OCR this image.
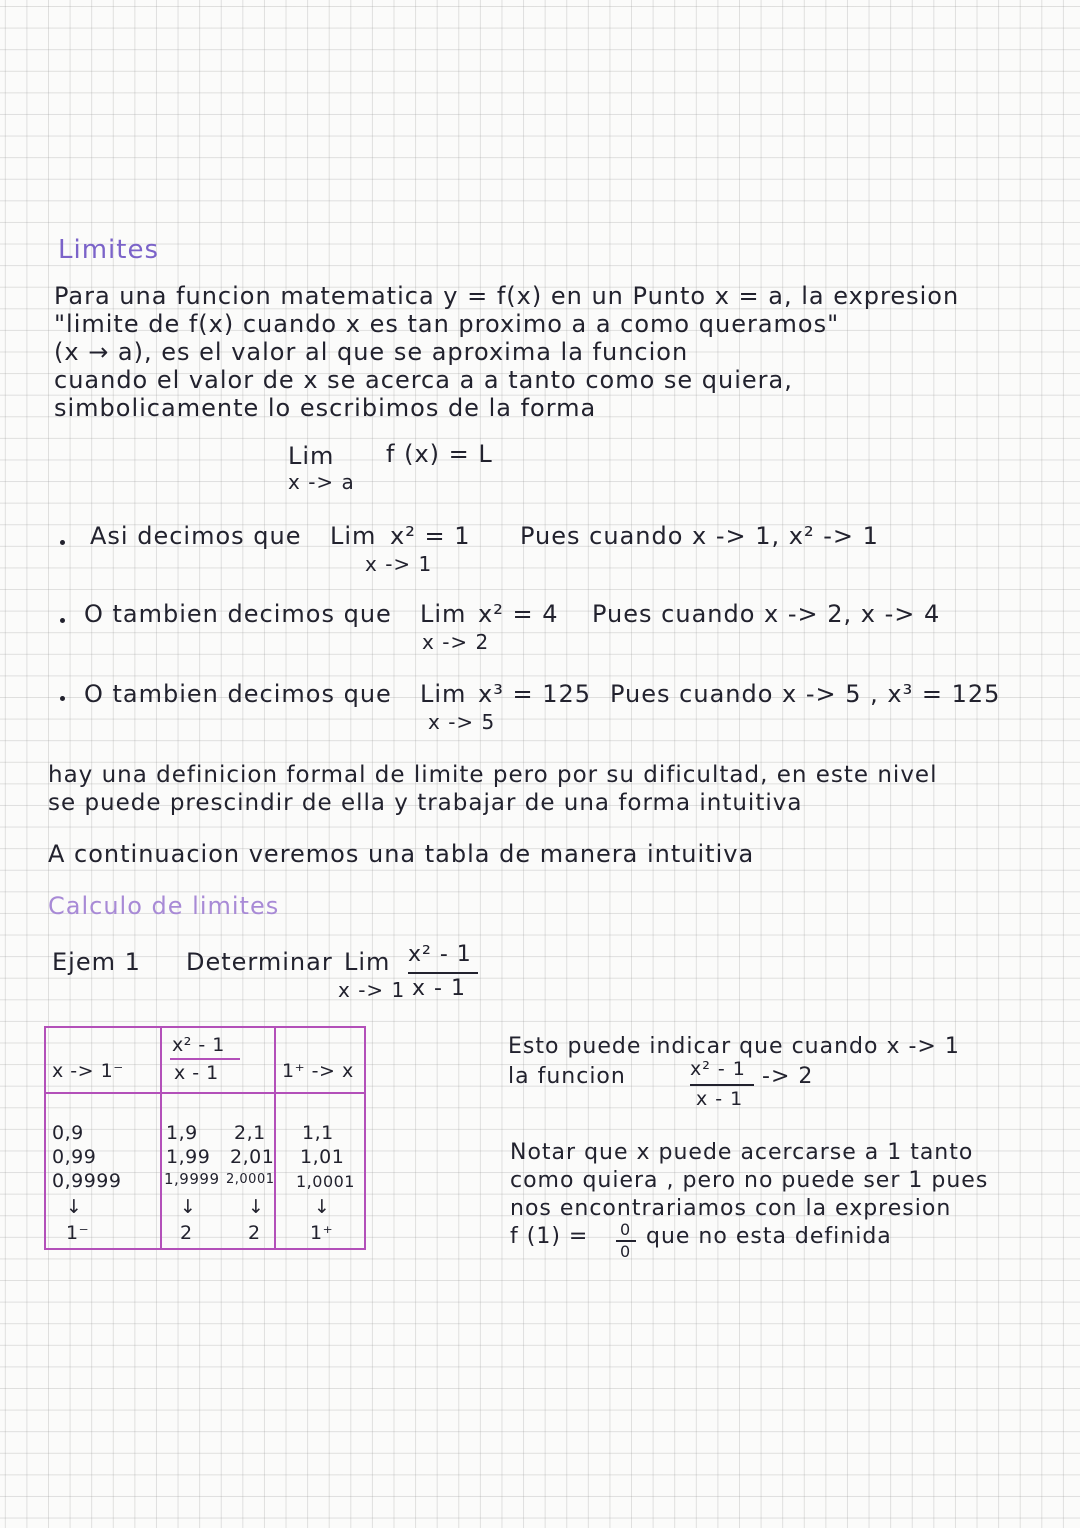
Limites
Para una funcion matematica y = f(x) en un Punto x = a, la expresion
"limite de f(x) cuando x es tan proximo a a como queramos"
(x → a), es el valor al que se aproxima la funcion
cuando el valor de x se acerca a a tanto como se quiera,
simbolicamente lo escribimos de la forma
Lim
x -> a
f (x) = L
Asi decimos que Lim x² = 1
x -> 1
Pues cuando x -> 1, x² -> 1
O tambien decimos que Lim x² = 4
x -> 2
Pues cuando x -> 2, x -> 4
O tambien decimos que Lim x³ = 125
x -> 5
Pues cuando x -> 5 , x³ = 125
hay una definicion formal de limite pero por su dificultad, en este nivel
se puede prescindir de ella y trabajar de una forma intuitiva
A continuacion veremos una tabla de manera intuitiva
Calculo de limites
Ejem 1 Determinar Lim
x -> 1
x² - 1
x - 1
x -> 1⁻
x² - 1
x - 1	1⁺ -> x
0,9
0,99
0,9999
↓
1⁻
1,9
1,99
1,9999
↓
2
2,1
2,01
2,0001
↓
2
1,1
1,01
1,0001
↓
1⁺
Esto puede indicar que cuando x -> 1
la funcion	x² - 1
x - 1
-> 2
Notar que x puede acercarse a 1 tanto
como quiera , pero no puede ser 1 pues
nos encontrariamos con la expresion
f (1) = 0
0
que no esta definida
